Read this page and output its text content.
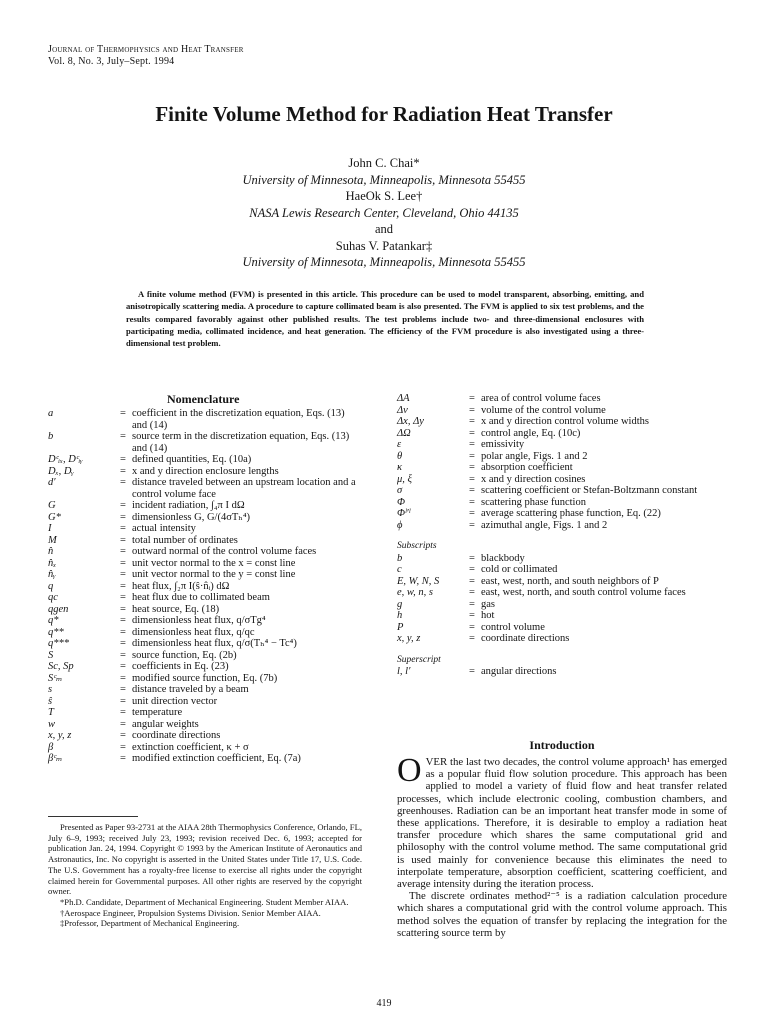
Journal of Thermophysics and Heat Transfer
Vol. 8, No. 3, July–Sept. 1994
Finite Volume Method for Radiation Heat Transfer
John C. Chai*
University of Minnesota, Minneapolis, Minnesota 55455
HaeOk S. Lee†
NASA Lewis Research Center, Cleveland, Ohio 44135
and
Suhas V. Patankar‡
University of Minnesota, Minneapolis, Minnesota 55455
A finite volume method (FVM) is presented in this article. This procedure can be used to model transparent, absorbing, emitting, and anisotropically scattering media. A procedure to capture collimated beam is also presented. The FVM is applied to six test problems, and the results compared favorably against other published results. The test problems include two- and three-dimensional enclosures with participating media, collimated incidence, and heat generation. The efficiency of the FVM procedure is also investigated using a three-dimensional test problem.
Nomenclature
a	= coefficient in the discretization equation, Eqs. (13) and (14)
b	= source term in the discretization equation, Eqs. (13) and (14)
Dᶜᵢₓ, Dᶜᵢᵧ	= defined quantities, Eq. (10a)
Dₓ, Dᵧ	= x and y direction enclosure lengths
d′	= distance traveled between an upstream location and a control volume face
G	= incident radiation, ∫₄π I dΩ
G*	= dimensionless G, G/(4σTₕ⁴)
I	= actual intensity
M	= total number of ordinates
n̂	= outward normal of the control volume faces
n̂ₓ	= unit vector normal to the x = const line
n̂ᵧ	= unit vector normal to the y = const line
q	= heat flux, ∫₂π I(ŝ·n̂ᵢ) dΩ
qc	= heat flux due to collimated beam
qgen	= heat source, Eq. (18)
q*	= dimensionless heat flux, q/σTg⁴
q**	= dimensionless heat flux, q/qc
q***	= dimensionless heat flux, q/σ(Tₕ⁴ − Tc⁴)
S	= source function, Eq. (2b)
Sc, Sp	= coefficients in Eq. (23)
Sᶜₘ	= modified source function, Eq. (7b)
s	= distance traveled by a beam
ŝ	= unit direction vector
T	= temperature
w	= angular weights
x, y, z	= coordinate directions
β	= extinction coefficient, κ + σ
βᶜₘ	= modified extinction coefficient, Eq. (7a)
ΔA	= area of control volume faces
Δv	= volume of the control volume
Δx, Δy	= x and y direction control volume widths
ΔΩ	= control angle, Eq. (10c)
ε	= emissivity
θ	= polar angle, Figs. 1 and 2
κ	= absorption coefficient
μ, ξ	= x and y direction cosines
σ	= scattering coefficient or Stefan-Boltzmann constant
Φ	= scattering phase function
Φˡ′ˡ	= average scattering phase function, Eq. (22)
ϕ	= azimuthal angle, Figs. 1 and 2
Subscripts
b	= blackbody
c	= cold or collimated
E, W, N, S	= east, west, north, and south neighbors of P
e, w, n, s	= east, west, north, and south control volume faces
g	= gas
h	= hot
P	= control volume
x, y, z	= coordinate directions
Superscript
l, l′	= angular directions

Presented as Paper 93-2731 at the AIAA 28th Thermophysics Conference, Orlando, FL, July 6–9, 1993; received July 23, 1993; revision received Dec. 6, 1993; accepted for publication Jan. 24, 1994. Copyright © 1993 by the American Institute of Aeronautics and Astronautics, Inc. No copyright is asserted in the United States under Title 17, U.S. Code. The U.S. Government has a royalty-free license to exercise all rights under the copyright claimed herein for Governmental purposes. All other rights are reserved by the copyright owner.

*Ph.D. Candidate, Department of Mechanical Engineering. Student Member AIAA.

†Aerospace Engineer, Propulsion Systems Division. Senior Member AIAA.

‡Professor, Department of Mechanical Engineering.

Introduction

OVER the last two decades, the control volume approach¹ has emerged as a popular fluid flow solution procedure. This approach has been applied to model a variety of fluid flow and heat transfer related processes, which include electronic cooling, combustion chambers, and greenhouses. Radiation can be an important heat transfer mode in some of these applications. Therefore, it is desirable to employ a radiation heat transfer procedure which shares the same computational grid and philosophy with the control volume method. The same computational grid is used mainly for convenience because this eliminates the need to interpolate temperature, absorption coefficient, scattering coefficient, and average intensity during the iteration process.

The discrete ordinates method²⁻⁵ is a radiation calculation procedure which shares a computational grid with the control volume approach. This method solves the equation of transfer by replacing the integration for the scattering source term by

419
